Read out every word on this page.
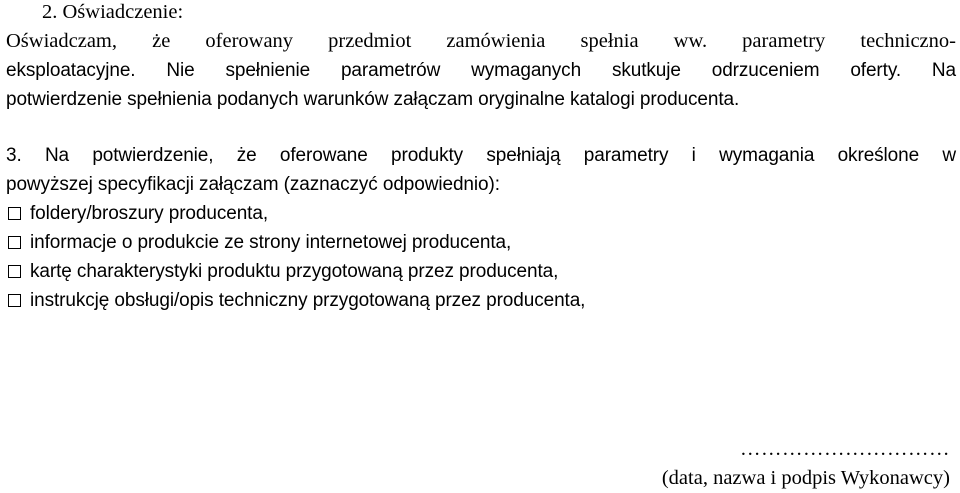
2. Oświadczenie:
Oświadczam, że oferowany przedmiot zamówienia spełnia ww. parametry techniczno-
eksploatacyjne. Nie spełnienie parametrów wymaganych skutkuje odrzuceniem oferty. Na
potwierdzenie spełnienia podanych warunków załączam oryginalne katalogi producenta.
3. Na potwierdzenie, że oferowane produkty spełniają parametry i wymagania określone w
powyższej specyfikacji załączam (zaznaczyć odpowiednio):
foldery/broszury producenta,
informacje o produkcie ze strony internetowej producenta,
kartę charakterystyki produktu przygotowaną przez producenta,
instrukcję obsługi/opis techniczny przygotowaną przez producenta,
…………………………
(data, nazwa i podpis Wykonawcy)
